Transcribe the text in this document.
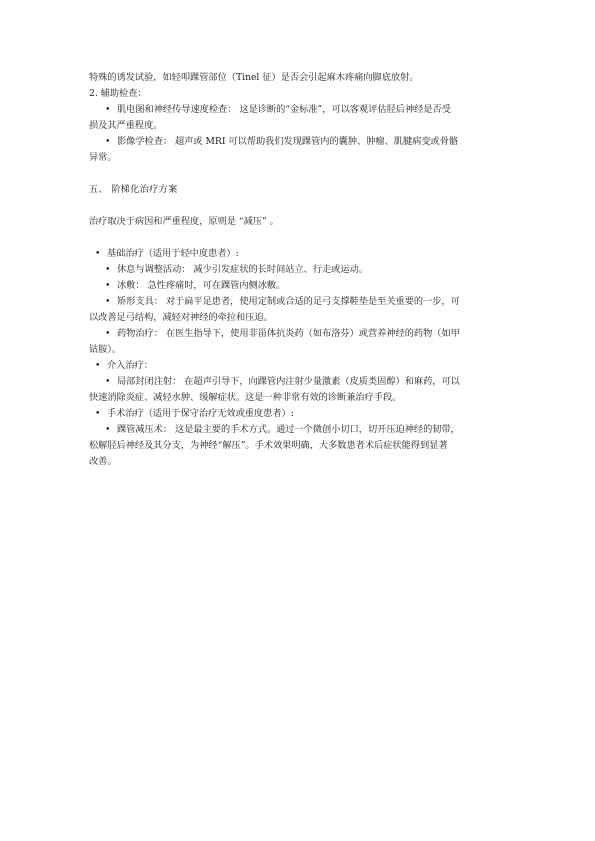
特殊的诱发试验，如轻叩踝管部位（Tinel 征）是否会引起麻木疼痛向脚底放射。

2. 辅助检查：

• 肌电图和神经传导速度检查： 这是诊断的“金标准”，可以客观评估胫后神经是否受

损及其严重程度。

• 影像学检查： 超声或 MRI 可以帮助我们发现踝管内的囊肿、肿瘤、肌腱病变或骨骼

异常。

五、 阶梯化治疗方案

治疗取决于病因和严重程度，原则是 “减压” 。

• 基础治疗（适用于轻中度患者）:

• 休息与调整活动： 减少引发症状的长时间站立、行走或运动。

• 冰敷： 急性疼痛时，可在踝管内侧冰敷。

• 矫形支具： 对于扁平足患者，使用定制或合适的足弓支撑鞋垫是至关重要的一步，可

以改善足弓结构，减轻对神经的牵拉和压迫。

• 药物治疗： 在医生指导下，使用非甾体抗炎药（如布洛芬）或营养神经的药物（如甲

钴胺）。

• 介入治疗：

• 局部封闭注射： 在超声引导下，向踝管内注射少量激素（皮质类固醇）和麻药，可以

快速消除炎症、减轻水肿、缓解症状。这是一种非常有效的诊断兼治疗手段。

• 手术治疗（适用于保守治疗无效或重度患者）:

• 踝管减压术： 这是最主要的手术方式。通过一个微创小切口，切开压迫神经的韧带，

松解胫后神经及其分支，为神经“解压”。手术效果明确，大多数患者术后症状能得到显著

改善。
